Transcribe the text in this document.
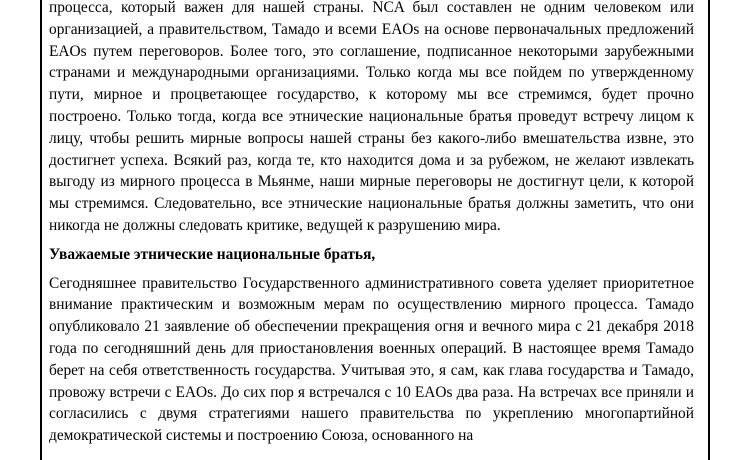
процесса, который важен для нашей страны. NCA был составлен не одним человеком или организацией, а правительством, Тамадо и всеми EAOs на основе первоначальных предложений EAOs путем переговоров. Более того, это соглашение, подписанное некоторыми зарубежными странами и международными организациями. Только когда мы все пойдем по утвержденному пути, мирное и процветающее государство, к которому мы все стремимся, будет прочно построено. Только тогда, когда все этнические национальные братья проведут встречу лицом к лицу, чтобы решить мирные вопросы нашей страны без какого-либо вмешательства извне, это достигнет успеха. Всякий раз, когда те, кто находится дома и за рубежом, не желают извлекать выгоду из мирного процесса в Мьянме, наши мирные переговоры не достигнут цели, к которой мы стремимся. Следовательно, все этнические национальные братья должны заметить, что они никогда не должны следовать критике, ведущей к разрушению мира.

Уважаемые этнические национальные братья,

Сегодняшнее правительство Государственного административного совета уделяет приоритетное внимание практическим и возможным мерам по осуществлению мирного процесса. Тамадо опубликовало 21 заявление об обеспечении прекращения огня и вечного мира с 21 декабря 2018 года по сегодняшний день для приостановления военных операций. В настоящее время Тамадо берет на себя ответственность государства. Учитывая это, я сам, как глава государства и Тамадо, провожу встречи с EAOs. До сих пор я встречался с 10 EAOs два раза. На встречах все приняли и согласились с двумя стратегиями нашего правительства по укреплению многопартийной демократической системы и построению Союза, основанного на
